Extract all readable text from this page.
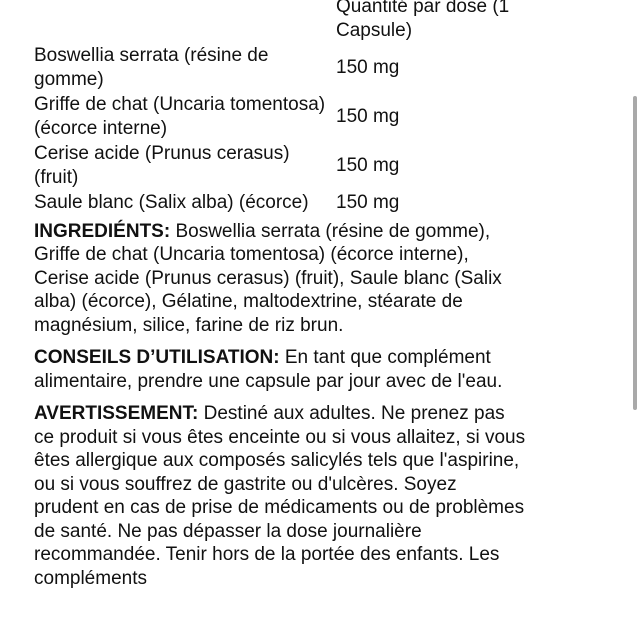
	Quantité par dose (1 Capsule)
Boswellia serrata (résine de gomme)	150 mg
Griffe de chat (Uncaria tomentosa) (écorce interne)	150 mg
Cerise acide (Prunus cerasus) (fruit)	150 mg
Saule blanc (Salix alba) (écorce)	150 mg

INGREDIÉNTS: Boswellia serrata (résine de gomme), Griffe de chat (Uncaria tomentosa) (écorce interne), Cerise acide (Prunus cerasus) (fruit), Saule blanc (Salix alba) (écorce), Gélatine, maltodextrine, stéarate de magnésium, silice, farine de riz brun.

CONSEILS D’UTILISATION: En tant que complément alimentaire, prendre une capsule par jour avec de l'eau.

AVERTISSEMENT: Destiné aux adultes. Ne prenez pas ce produit si vous êtes enceinte ou si vous allaitez, si vous êtes allergique aux composés salicylés tels que l'aspirine, ou si vous souffrez de gastrite ou d'ulcères. Soyez prudent en cas de prise de médicaments ou de problèmes de santé. Ne pas dépasser la dose journalière recommandée. Tenir hors de la portée des enfants. Les compléments
